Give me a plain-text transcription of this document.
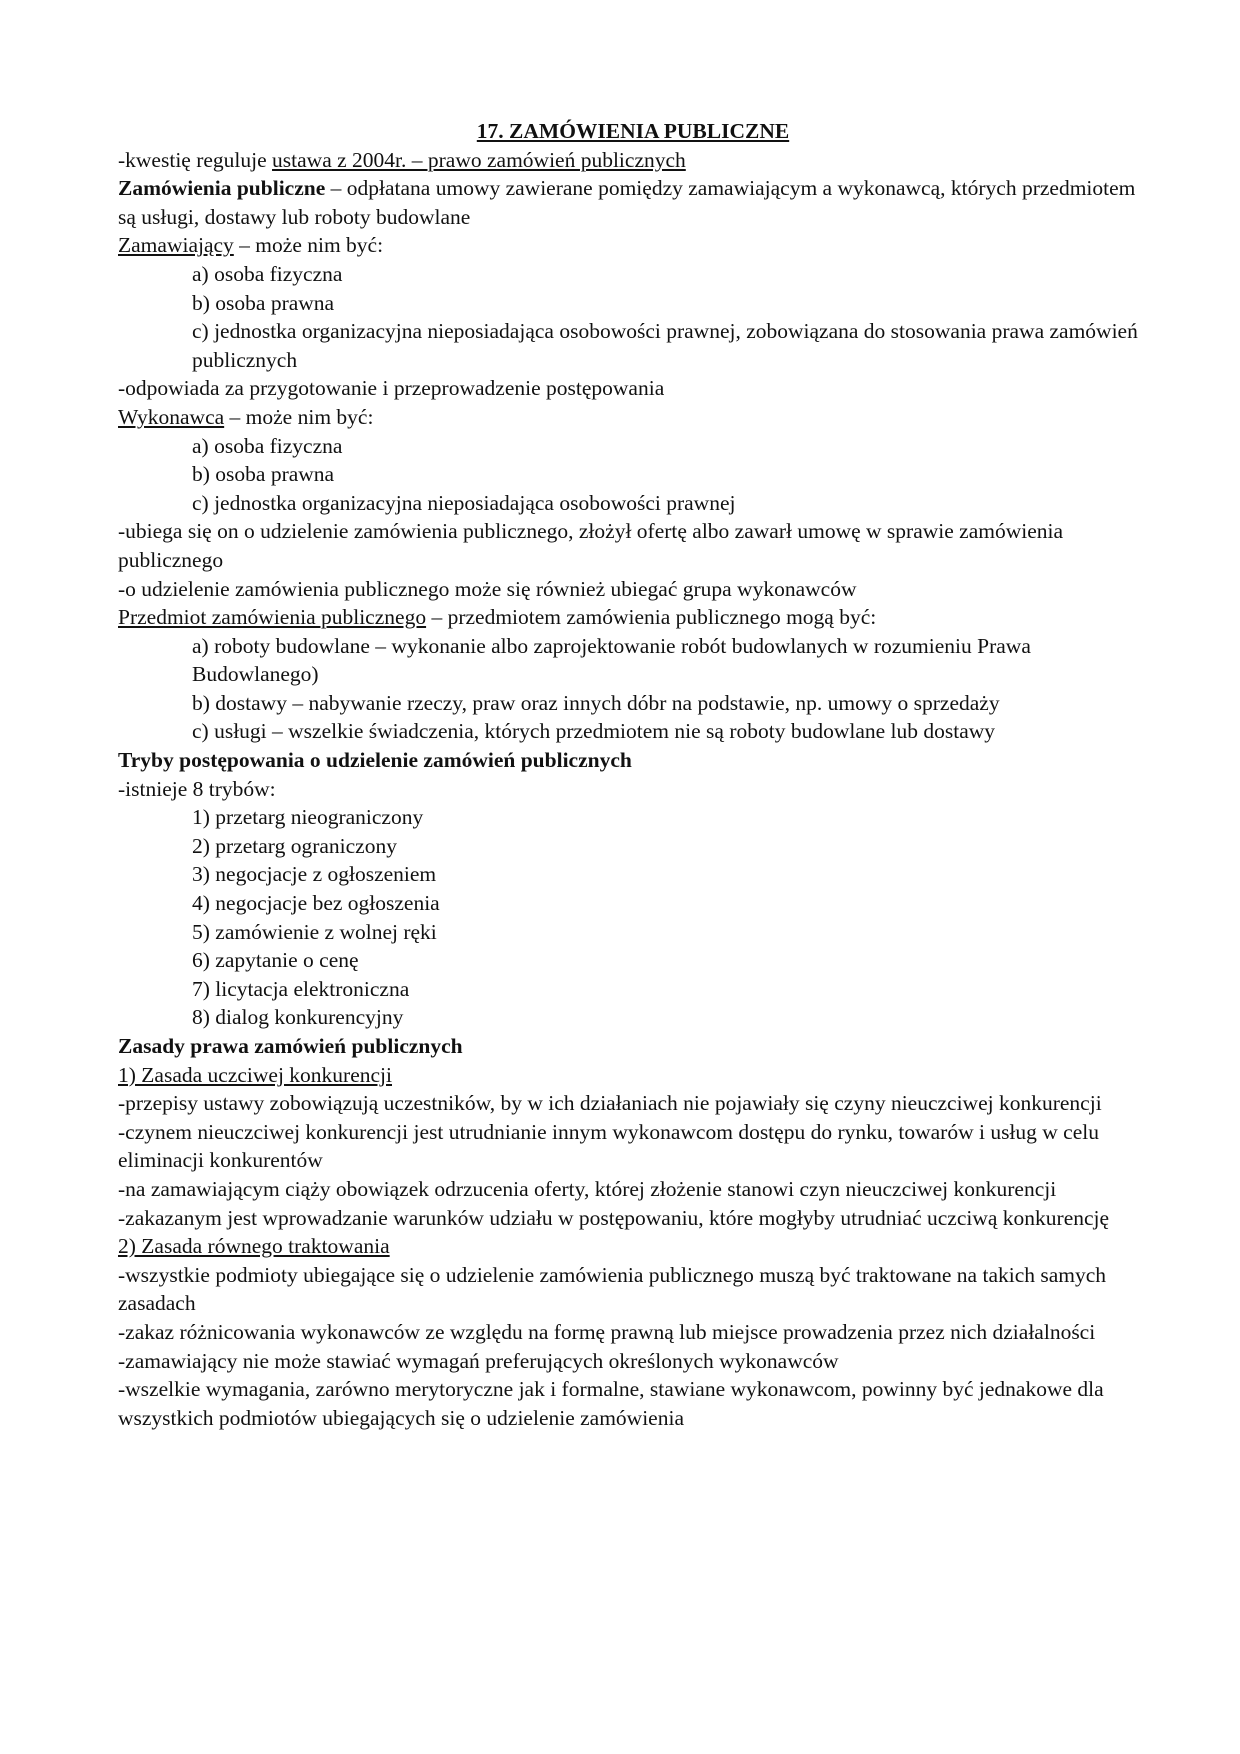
17. ZAMÓWIENIA PUBLICZNE

-kwestię reguluje ustawa z 2004r. – prawo zamówień publicznych

Zamówienia publiczne – odpłatana umowy zawierane pomiędzy zamawiającym a wykonawcą, których przedmiotem są usługi, dostawy lub roboty budowlane

Zamawiający – może nim być:

a) osoba fizyczna
b) osoba prawna
c) jednostka organizacyjna nieposiadająca osobowości prawnej, zobowiązana do stosowania prawa zamówień publicznych

-odpowiada za przygotowanie i przeprowadzenie postępowania

Wykonawca – może nim być:

a) osoba fizyczna
b) osoba prawna
c) jednostka organizacyjna nieposiadająca osobowości prawnej

-ubiega się on o udzielenie zamówienia publicznego, złożył ofertę albo zawarł umowę w sprawie zamówienia publicznego

-o udzielenie zamówienia publicznego może się również ubiegać grupa wykonawców

Przedmiot zamówienia publicznego – przedmiotem zamówienia publicznego mogą być:

a) roboty budowlane – wykonanie albo zaprojektowanie robót budowlanych w rozumieniu Prawa Budowlanego)
b) dostawy – nabywanie rzeczy, praw oraz innych dóbr na podstawie, np. umowy o sprzedaży
c) usługi – wszelkie świadczenia, których przedmiotem nie są roboty budowlane lub dostawy

Tryby postępowania o udzielenie zamówień publicznych

-istnieje 8 trybów:

1) przetarg nieograniczony
2) przetarg ograniczony
3) negocjacje z ogłoszeniem
4) negocjacje bez ogłoszenia
5) zamówienie z wolnej ręki
6) zapytanie o cenę
7) licytacja elektroniczna
8) dialog konkurencyjny

Zasady prawa zamówień publicznych

1) Zasada uczciwej konkurencji

-przepisy ustawy zobowiązują uczestników, by w ich działaniach nie pojawiały się czyny nieuczciwej konkurencji

-czynem nieuczciwej konkurencji jest utrudnianie innym wykonawcom dostępu do rynku, towarów i usług w celu eliminacji konkurentów

-na zamawiającym ciąży obowiązek odrzucenia oferty, której złożenie stanowi czyn nieuczciwej konkurencji

-zakazanym jest wprowadzanie warunków udziału w postępowaniu, które mogłyby utrudniać uczciwą konkurencję

2) Zasada równego traktowania

-wszystkie podmioty ubiegające się o udzielenie zamówienia publicznego muszą być traktowane na takich samych zasadach

-zakaz różnicowania wykonawców ze względu na formę prawną lub miejsce prowadzenia przez nich działalności

-zamawiający nie może stawiać wymagań preferujących określonych wykonawców

-wszelkie wymagania, zarówno merytoryczne jak i formalne, stawiane wykonawcom, powinny być jednakowe dla wszystkich podmiotów ubiegających się o udzielenie zamówienia
